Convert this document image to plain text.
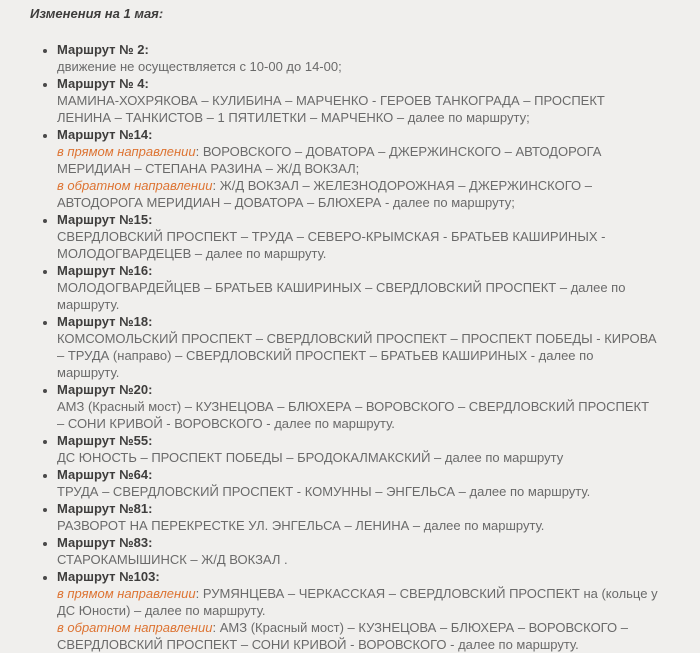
Изменения на 1 мая:

• Маршрут № 2:
движение не осуществляется с 10-00 до 14-00;
• Маршрут № 4:
МАМИНА-ХОХРЯКОВА – КУЛИБИНА – МАРЧЕНКО - ГЕРОЕВ ТАНКОГРАДА – ПРОСПЕКТ ЛЕНИНА – ТАНКИСТОВ – 1 ПЯТИЛЕТКИ – МАРЧЕНКО – далее по маршруту;
• Маршрут №14:
в прямом направлении: ВОРОВСКОГО – ДОВАТОРА – ДЖЕРЖИНСКОГО – АВТОДОРОГА МЕРИДИАН – СТЕПАНА РАЗИНА – Ж/Д ВОКЗАЛ;
в обратном направлении: Ж/Д ВОКЗАЛ – ЖЕЛЕЗНОДОРОЖНАЯ – ДЖЕРЖИНСКОГО – АВТОДОРОГА МЕРИДИАН – ДОВАТОРА – БЛЮХЕРА - далее по маршруту;
• Маршрут №15:
СВЕРДЛОВСКИЙ ПРОСПЕКТ – ТРУДА – СЕВЕРО-КРЫМСКАЯ - БРАТЬЕВ КАШИРИНЫХ - МОЛОДОГВАРДЕЦЕВ – далее по маршруту.
• Маршрут №16:
МОЛОДОГВАРДЕЙЦЕВ – БРАТЬЕВ КАШИРИНЫХ – СВЕРДЛОВСКИЙ ПРОСПЕКТ – далее по маршруту.
• Маршрут №18:
КОМСОМОЛЬСКИЙ ПРОСПЕКТ – СВЕРДЛОВСКИЙ ПРОСПЕКТ – ПРОСПЕКТ ПОБЕДЫ - КИРОВА – ТРУДА (направо) – СВЕРДЛОВСКИЙ ПРОСПЕКТ – БРАТЬЕВ КАШИРИНЫХ - далее по маршруту.
• Маршрут №20:
АМЗ (Красный мост) – КУЗНЕЦОВА – БЛЮХЕРА – ВОРОВСКОГО – СВЕРДЛОВСКИЙ ПРОСПЕКТ – СОНИ КРИВОЙ - ВОРОВСКОГО - далее по маршруту.
• Маршрут №55:
ДС ЮНОСТЬ – ПРОСПЕКТ ПОБЕДЫ – БРОДОКАЛМАКСКИЙ – далее по маршруту
• Маршрут №64:
ТРУДА – СВЕРДЛОВСКИЙ ПРОСПЕКТ - КОМУННЫ – ЭНГЕЛЬСА – далее по маршруту.
• Маршрут №81:
РАЗВОРОТ НА ПЕРЕКРЕСТКЕ УЛ. ЭНГЕЛЬСА – ЛЕНИНА – далее по маршруту.
• Маршрут №83:
СТАРОКАМЫШИНСК – Ж/Д ВОКЗАЛ .
• Маршрут №103:
в прямом направлении: РУМЯНЦЕВА – ЧЕРКАССКАЯ – СВЕРДЛОВСКИЙ ПРОСПЕКТ на (кольце у ДС Юности) – далее по маршруту.
в обратном направлении: АМЗ (Красный мост) – КУЗНЕЦОВА – БЛЮХЕРА – ВОРОВСКОГО – СВЕРДЛОВСКИЙ ПРОСПЕКТ – СОНИ КРИВОЙ - ВОРОВСКОГО - далее по маршруту.
